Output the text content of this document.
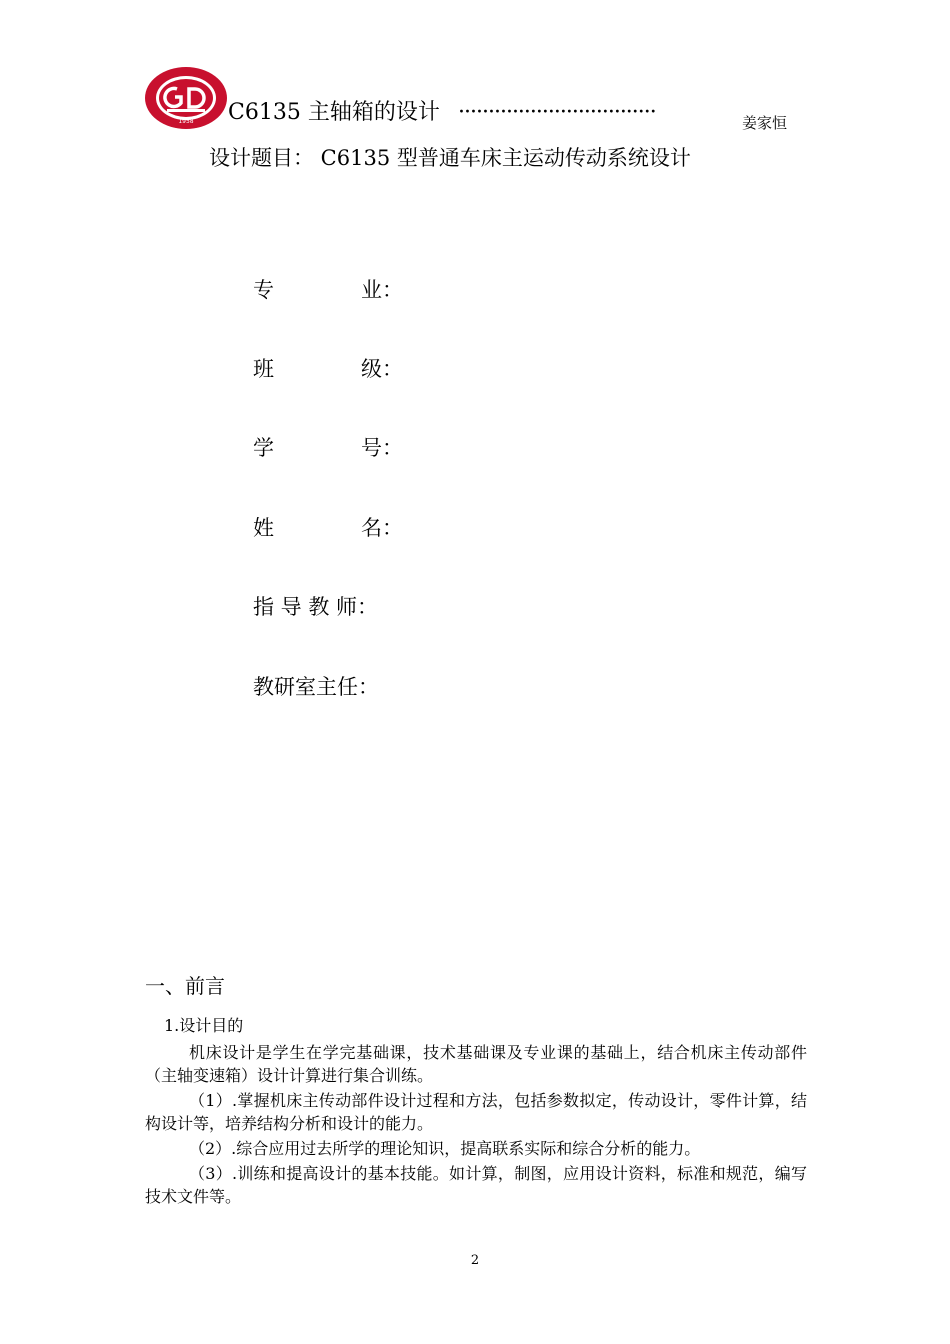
1958 C6135 主轴箱的设计 ·································	姜家恒
设计题目： C6135 型普通车床主运动传动系统设计
专	业：
班	级：
学	号：
姓	名：
指 导 教 师：
教研室主任：
一、前言
1.设计目的
机床设计是学生在学完基础课，技术基础课及专业课的基础上，结合机床主传动部件（主轴变速箱）设计计算进行集合训练。
（1）.掌握机床主传动部件设计过程和方法，包括参数拟定，传动设计，零件计算，结构设计等，培养结构分析和设计的能力。
（2）.综合应用过去所学的理论知识，提高联系实际和综合分析的能力。
（3）.训练和提高设计的基本技能。如计算，制图，应用设计资料，标准和规范，编写技术文件等。
2
